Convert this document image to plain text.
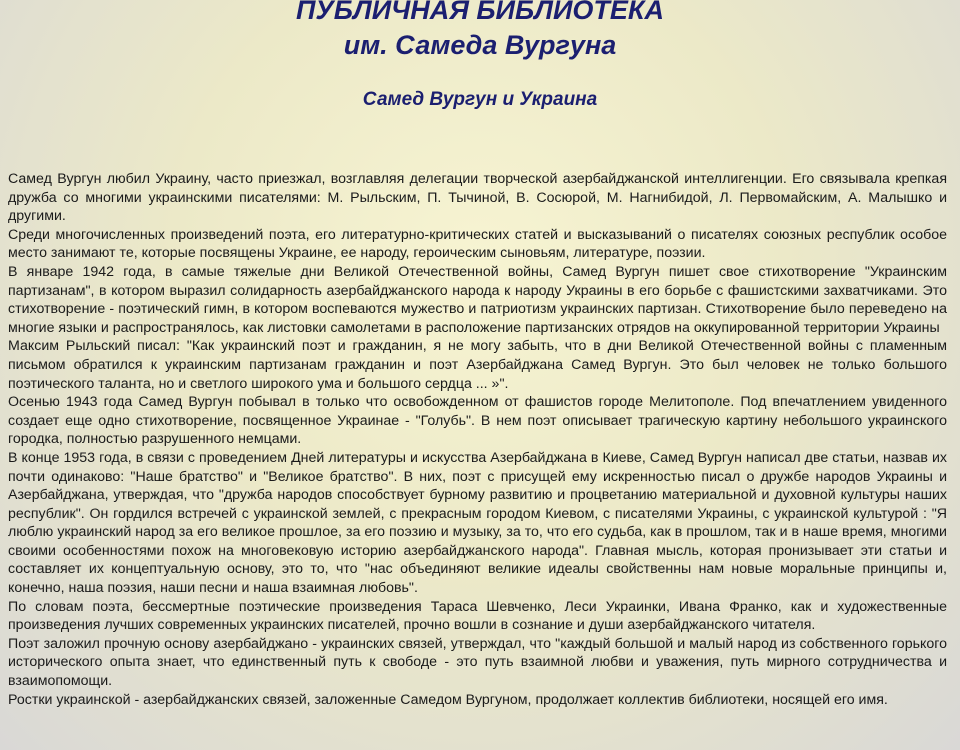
ПУБЛИЧНАЯ БИБЛИОТЕКА
им. Самеда Вургуна
Самед Вургун и Украина

Самед Вургун любил Украину, часто приезжал, возглавляя делегации творческой азербайджанской интеллигенции. Его связывала крепкая дружба со многими украинскими писателями: М. Рыльским, П. Тычиной, В. Сосюрой, М. Нагнибидой, Л. Первомайским, А. Малышко и другими.

Среди многочисленных произведений поэта, его литературно-критических статей и высказываний о писателях союзных республик особое место занимают те, которые посвящены Украине, ее народу, героическим сыновьям, литературе, поэзии.

В январе 1942 года, в самые тяжелые дни Великой Отечественной войны, Самед Вургун пишет свое стихотворение "Украинским партизанам", в котором выразил солидарность азербайджанского народа к народу Украины в его борьбе с фашистскими захватчиками. Это стихотворение - поэтический гимн, в котором воспеваются мужество и патриотизм украинских партизан. Стихотворение было переведено на многие языки и распространялось, как листовки самолетами в расположение партизанских отрядов на оккупированной территории Украины

Максим Рыльский писал: "Как украинский поэт и гражданин, я не могу забыть, что в дни Великой Отечественной войны с пламенным письмом обратился к украинским партизанам гражданин и поэт Азербайджана Самед Вургун. Это был человек не только большого поэтического таланта, но и светлого широкого ума и большого сердца ... »".

Осенью 1943 года Самед Вургун побывал в только что освобожденном от фашистов городе Мелитополе. Под впечатлением увиденного создает еще одно стихотворение, посвященное Украинае - "Голубь". В нем поэт описывает трагическую картину небольшого украинского городка, полностью разрушенного немцами.

В конце 1953 года, в связи с проведением Дней литературы и искусства Азербайджана в Киеве, Самед Вургун написал две статьи, назвав их почти одинаково: "Наше братство" и "Великое братство". В них, поэт с присущей ему искренностью писал о дружбе народов Украины и Азербайджана, утверждая, что "дружба народов способствует бурному развитию и процветанию материальной и духовной культуры наших республик". Он гордился встречей с украинской землей, с прекрасным городом Киевом, с писателями Украины, с украинской культурой : "Я люблю украинский народ за его великое прошлое, за его поэзию и музыку, за то, что его судьба, как в прошлом, так и в наше время, многими своими особенностями похож на многовековую историю азербайджанского народа". Главная мысль, которая пронизывает эти статьи и составляет их концептуальную основу, это то, что "нас объединяют великие идеалы свойственны нам новые моральные принципы и, конечно, наша поэзия, наши песни и наша взаимная любовь".

По словам поэта, бессмертные поэтические произведения Тараса Шевченко, Леси Украинки, Ивана Франко, как и художественные произведения лучших современных украинских писателей, прочно вошли в сознание и души азербайджанского читателя.

Поэт заложил прочную основу азербайджано - украинских связей, утверждал, что "каждый большой и малый народ из собственного горького исторического опыта знает, что единственный путь к свободе - это путь взаимной любви и уважения, путь мирного сотрудничества и взаимопомощи.

Ростки украинской - азербайджанских связей, заложенные Самедом Вургуном, продолжает коллектив библиотеки, носящей его имя.
